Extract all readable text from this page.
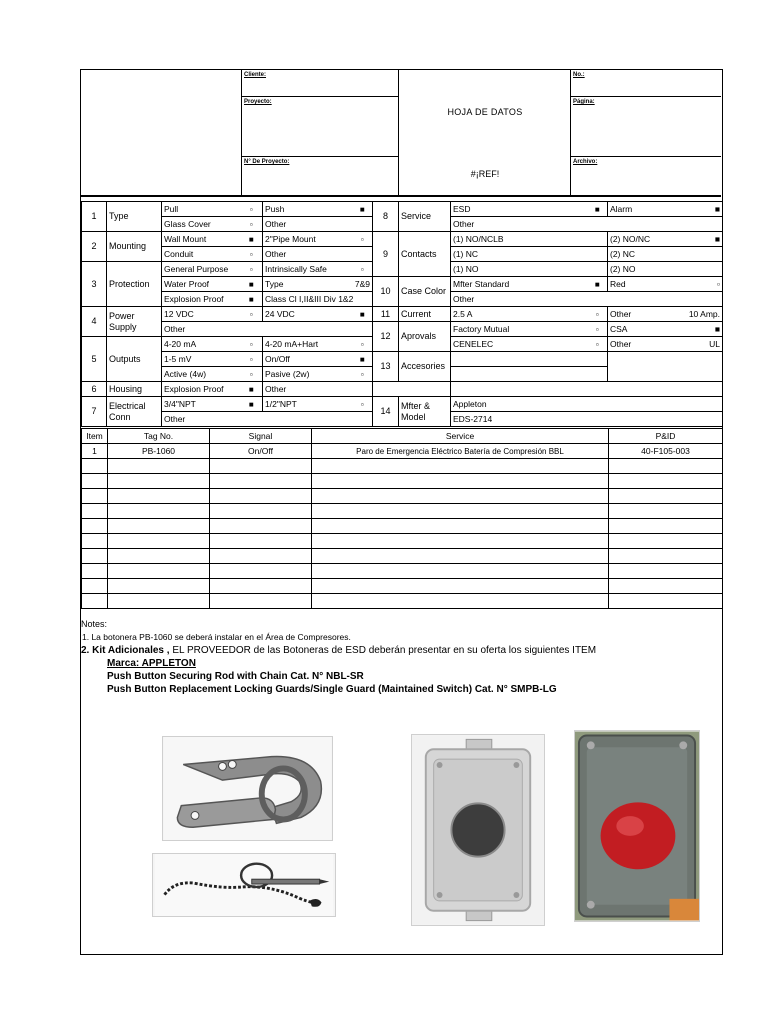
Cliente:
Proyecto:
N° De Proyecto:
HOJA DE DATOS
#¡REF!
No.:
Página:
Archivo:
1	Type	Pull	▫	Push	■	8	Service	ESD	■	Alarm ■

		Glass Cover	▫	Other				Other		
2	Mounting	Wall Mount	■	2"Pipe Mount	▫	9	Contacts	(1) NO/NCLB		(2) NO/NC ■

		Conduit	▫	Other				(1) NC		(2) NC
3	Protection	General Purpose	▫	Intrinsically Safe	▫			(1) NO		(2) NO
		Water Proof	■	Type 7&9		10	Case Color	Mfter Standard	■	Red ▫

		Explosion Proof	■	Class Cl I,II&III Div 1&2				Other		
4	Power Supply	12 VDC	▫	24 VDC	■	11	Current	2.5 A	▫	Other 10 Amp.

		Other				12	Aprovals	Factory Mutual	▫	CSA ■

5	Outputs	4-20 mA	▫	4-20 mA+Hart	▫			CENELEC	▫	Other UL

		1-5 mV	▫	On/Off	■	13	Accesories			
		Active (4w)	▫	Pasive (2w)	▫					
6	Housing	Explosion Proof	■	Other						
7	Electrical Conn	3/4"NPT	■	1/2"NPT	▫	14	Mfter & Model	Appleton		
		Other						EDS-2714		
Item	Tag No.	Signal	Service	P&ID
1	PB-1060	On/Off	Paro de Emergencia Eléctrico Batería de Compresión BBL	40-F105-003

Notes:
1. La botonera PB-1060 se deberá instalar en el Área de Compresores.
2. Kit Adicionales , EL PROVEEDOR de las Botoneras de ESD deberán presentar en su oferta los siguientes ITEM
Marca: APPLETON
Push Button Securing Rod with Chain Cat. N° NBL-SR
Push Button Replacement Locking Guards/Single Guard (Maintained Switch) Cat. N° SMPB-LG
